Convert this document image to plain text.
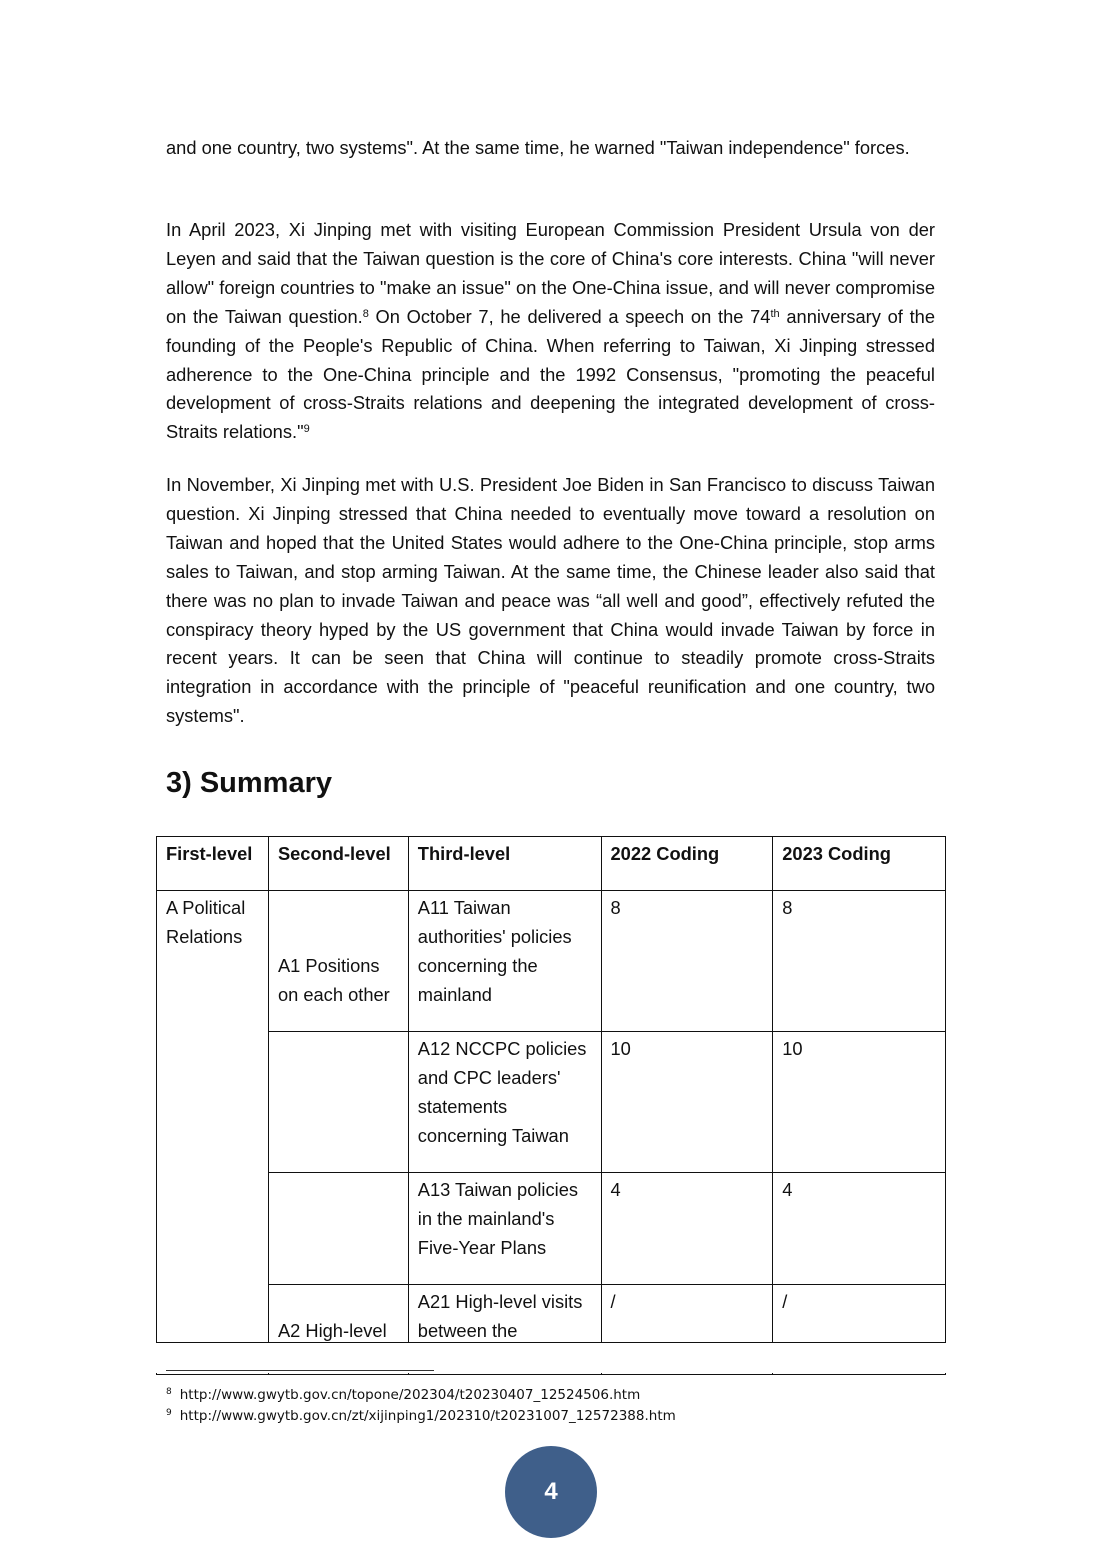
and one country, two systems". At the same time, he warned "Taiwan independence" forces.

In April 2023, Xi Jinping met with visiting European Commission President Ursula von der Leyen and said that the Taiwan question is the core of China's core interests. China "will never allow" foreign countries to "make an issue" on the One-China issue, and will never compromise on the Taiwan question.$^8$ On October 7, he delivered a speech on the 74th anniversary of the founding of the People's Republic of China. When referring to Taiwan, Xi Jinping stressed adherence to the One-China principle and the 1992 Consensus, "promoting the peaceful development of cross-Straits relations and deepening the integrated development of cross-Straits relations."$^9$

In November, Xi Jinping met with U.S. President Joe Biden in San Francisco to discuss Taiwan question. Xi Jinping stressed that China needed to eventually move toward a resolution on Taiwan and hoped that the United States would adhere to the One-China principle, stop arms sales to Taiwan, and stop arming Taiwan. At the same time, the Chinese leader also said that there was no plan to invade Taiwan and peace was “all well and good”, effectively refuted the conspiracy theory hyped by the US government that China would invade Taiwan by force in recent years. It can be seen that China will continue to steadily promote cross-Straits integration in accordance with the principle of "peaceful reunification and one country, two systems".

3) Summary
First-level	Second-level	Third-level	2022 Coding	2023 Coding
A Political Relations	A1 Positions on each other	A11 Taiwan authorities' policies concerning the mainland	8	8
		A12 NCCPC policies and CPC leaders' statements concerning Taiwan	10	10
		A13 Taiwan policies in the mainland's Five-Year Plans	4	4
	A2 High-level	A21 High-level visits between the	/	/
$^8$ http://www.gwytb.gov.cn/topone/202304/t20230407_12524506.htm
$^9$ http://www.gwytb.gov.cn/zt/xijinping1/202310/t20231007_12572388.htm
4
